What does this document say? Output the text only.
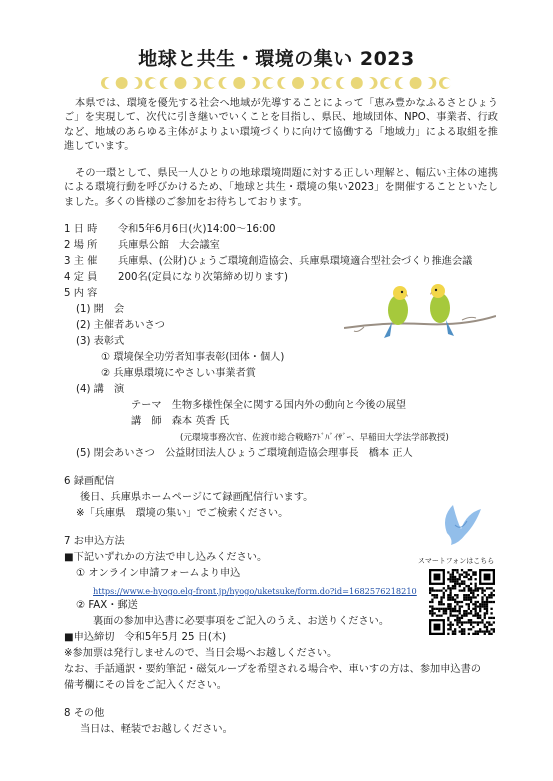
地球と共生・環境の集い 2023
本県では、環境を優先する社会へ地域が先導することによって「恵み豊かなふるさとひょうご」を実現して、次代に引き継いでいくことを目指し、県民、地域団体、NPO、事業者、行政など、地域のあらゆる主体がよりよい環境づくりに向けて協働する「地域力」による取組を推進しています。
その一環として、県民一人ひとりの地球環境問題に対する正しい理解と、幅広い主体の連携による環境行動を呼びかけるため、「地球と共生・環境の集い2023」を開催することといたしました。多くの皆様のご参加をお待ちしております。
1 日 時 令和5年6月6日(火)14:00～16:00
2 場 所 兵庫県公館　大会議室
3 主 催 兵庫県、(公財)ひょうご環境創造協会、兵庫県環境適合型社会づくり推進会議
4 定 員 200名(定員になり次第締め切ります)
5 内 容
(1) 開　会
(2) 主催者あいさつ
(3) 表彰式
① 環境保全功労者知事表彰(団体・個人)
② 兵庫県環境にやさしい事業者賞
(4) 講　演
テーマ　生物多様性保全に関する国内外の動向と今後の展望
講　師　森本 英香 氏
(元環境事務次官、佐渡市総合戦略ｱﾄﾞﾊﾞｲｻﾞｰ、早稲田大学法学部教授)
(5) 閉会あいさつ　公益財団法人ひょうご環境創造協会理事長　橋本 正人
6 録画配信
後日、兵庫県ホームページにて録画配信行います。
※「兵庫県　環境の集い」でご検索ください。
7 お申込方法
■下記いずれかの方法で申し込みください。
① オンライン申請フォームより申込
https://www.e-hyogo.elg-front.jp/hyogo/uketsuke/form.do?id=1682576218210
② FAX・郵送
裏面の参加申込書に必要事項をご記入のうえ、お送りください。
スマートフォンはこちら
■申込締切　令和5年5月 25 日(木)
※参加票は発行しませんので、当日会場へお越しください。
なお、手話通訳・要約筆記・磁気ループを希望される場合や、車いすの方は、参加申込書の
備考欄にその旨をご記入ください。
8 その他
当日は、軽装でお越しください。
